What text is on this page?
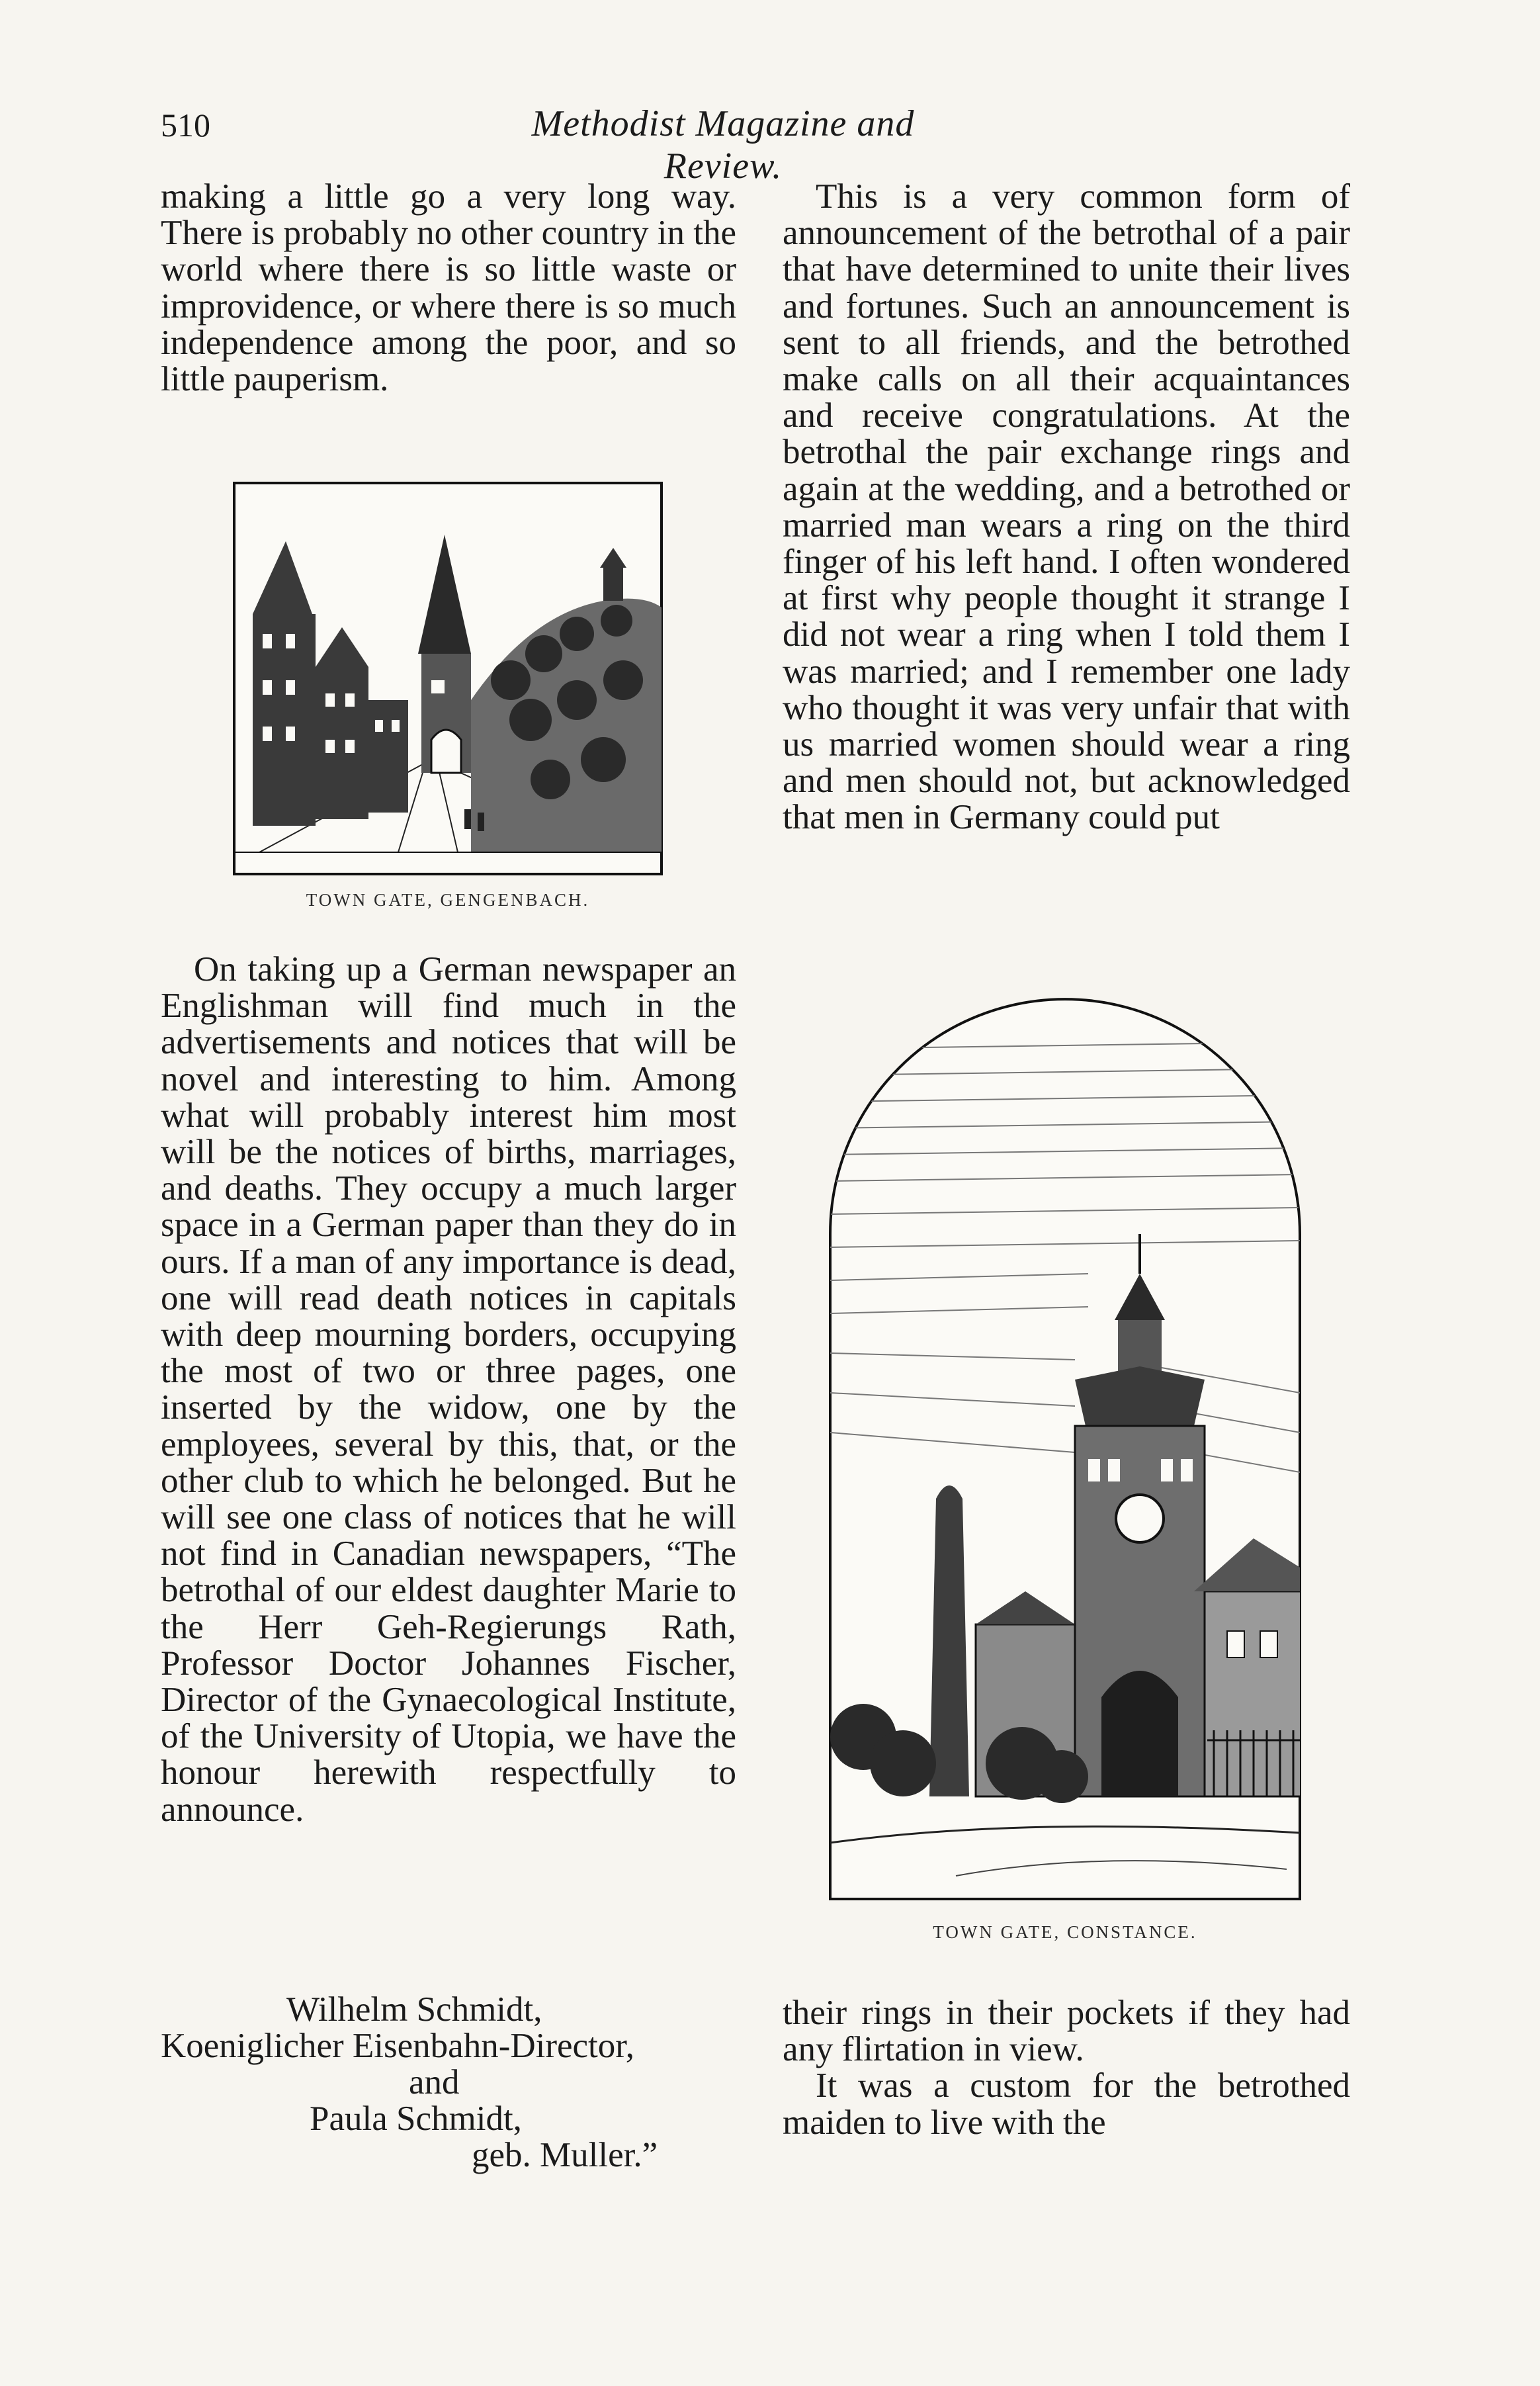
510	Methodist Magazine and Review.

making a little go a very long way. There is probably no other country in the world where there is so little waste or improvidence, or where there is so much independence among the poor, and so little pauperism.

TOWN GATE, GENGENBACH.

On taking up a German newspaper an Englishman will find much in the advertisements and notices that will be novel and interesting to him. Among what will probably interest him most will be the notices of births, marriages, and deaths. They occupy a much larger space in a German paper than they do in ours. If a man of any importance is dead, one will read death notices in capitals with deep mourning borders, occupying the most of two or three pages, one inserted by the widow, one by the employees, several by this, that, or the other club to which he belonged. But he will see one class of notices that he will not find in Canadian newspapers, “The betrothal of our eldest daughter Marie to the Herr Geh-Regierungs Rath, Professor Doctor Johannes Fischer, Director of the Gynaecological Institute, of the University of Utopia, we have the honour herewith respectfully to announce.

Wilhelm Schmidt,

Koeniglicher Eisenbahn-Director,

and

Paula Schmidt,

geb. Muller.”

This is a very common form of announcement of the betrothal of a pair that have determined to unite their lives and fortunes. Such an announcement is sent to all friends, and the betrothed make calls on all their acquaintances and receive congratulations. At the betrothal the pair exchange rings and again at the wedding, and a betrothed or married man wears a ring on the third finger of his left hand. I often wondered at first why people thought it strange I did not wear a ring when I told them I was married; and I remember one lady who thought it was very unfair that with us married women should wear a ring and men should not, but acknowledged that men in Germany could put

TOWN GATE, CONSTANCE.

their rings in their pockets if they had any flirtation in view.

It was a custom for the betrothed maiden to live with the
